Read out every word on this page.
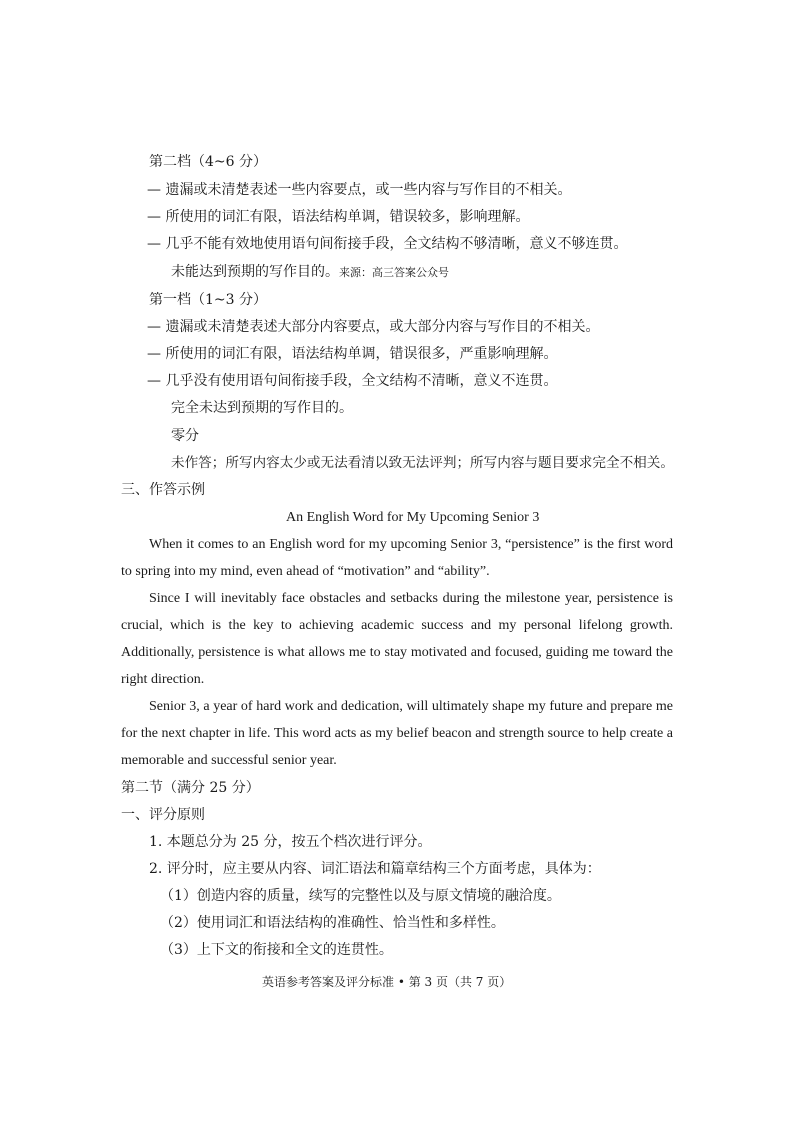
第二档（4~6 分）
— 遗漏或未清楚表述一些内容要点，或一些内容与写作目的不相关。
— 所使用的词汇有限，语法结构单调，错误较多，影响理解。
— 几乎不能有效地使用语句间衔接手段，全文结构不够清晰，意义不够连贯。
未能达到预期的写作目的。来源：高三答案公众号
第一档（1~3 分）
— 遗漏或未清楚表述大部分内容要点，或大部分内容与写作目的不相关。
— 所使用的词汇有限，语法结构单调，错误很多，严重影响理解。
— 几乎没有使用语句间衔接手段，全文结构不清晰，意义不连贯。
完全未达到预期的写作目的。
零分
未作答；所写内容太少或无法看清以致无法评判；所写内容与题目要求完全不相关。
三、作答示例
An English Word for My Upcoming Senior 3
When it comes to an English word for my upcoming Senior 3, “persistence” is the first word
to spring into my mind, even ahead of “motivation” and “ability”.
Since I will inevitably face obstacles and setbacks during the milestone year, persistence is
crucial, which is the key to achieving academic success and my personal lifelong growth.
Additionally, persistence is what allows me to stay motivated and focused, guiding me toward the
right direction.
Senior 3, a year of hard work and dedication, will ultimately shape my future and prepare me
for the next chapter in life. This word acts as my belief beacon and strength source to help create a
memorable and successful senior year.
第二节（满分 25 分）
一、评分原则
1. 本题总分为 25 分，按五个档次进行评分。
2. 评分时，应主要从内容、词汇语法和篇章结构三个方面考虑，具体为：
（1）创造内容的质量，续写的完整性以及与原文情境的融洽度。
（2）使用词汇和语法结构的准确性、恰当性和多样性。
（3）上下文的衔接和全文的连贯性。
英语参考答案及评分标准 • 第 3 页（共 7 页）
